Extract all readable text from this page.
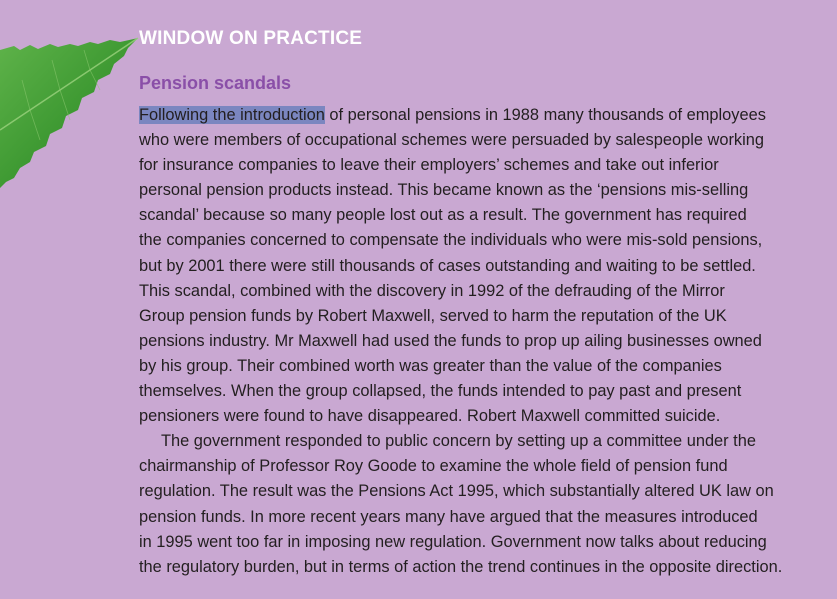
WINDOW ON PRACTICE
Pension scandals
Following the introduction of personal pensions in 1988 many thousands of employees
who were members of occupational schemes were persuaded by salespeople working
for insurance companies to leave their employers’ schemes and take out inferior
personal pension products instead. This became known as the ‘pensions mis-selling
scandal’ because so many people lost out as a result. The government has required
the companies concerned to compensate the individuals who were mis-sold pensions,
but by 2001 there were still thousands of cases outstanding and waiting to be settled.
This scandal, combined with the discovery in 1992 of the defrauding of the Mirror
Group pension funds by Robert Maxwell, served to harm the reputation of the UK
pensions industry. Mr Maxwell had used the funds to prop up ailing businesses owned
by his group. Their combined worth was greater than the value of the companies
themselves. When the group collapsed, the funds intended to pay past and present
pensioners were found to have disappeared. Robert Maxwell committed suicide.
The government responded to public concern by setting up a committee under the
chairmanship of Professor Roy Goode to examine the whole field of pension fund
regulation. The result was the Pensions Act 1995, which substantially altered UK law on
pension funds. In more recent years many have argued that the measures introduced
in 1995 went too far in imposing new regulation. Government now talks about reducing
the regulatory burden, but in terms of action the trend continues in the opposite direction.
